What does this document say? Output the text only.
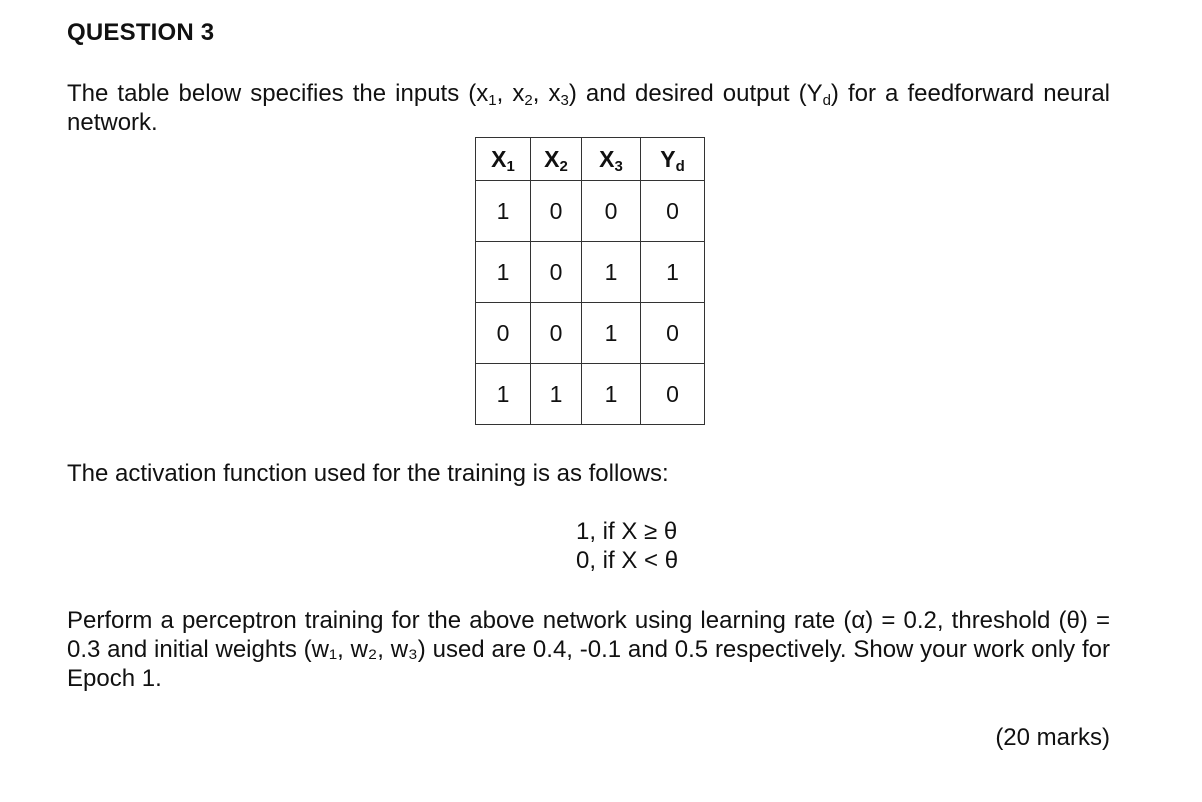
QUESTION 3
The table below specifies the inputs ($x_1$, $x_2$, $x_3$) and desired output $(Y_d)$ for a feedforward neural network.
$X_1$	$X_2$	$X_3$	$Y_d$
1	0	0	0
1	0	1	1
0	0	1	0
1	1	1	0
The activation function used for the training is as follows:
1, if X ≥ θ
0, if X < θ
Perform a perceptron training for the above network using learning rate (α) = 0.2, threshold (θ) = 0.3 and initial weights (w₁, w₂, w₃) used are 0.4, -0.1 and 0.5 respectively. Show your work only for Epoch 1.
(20 marks)
